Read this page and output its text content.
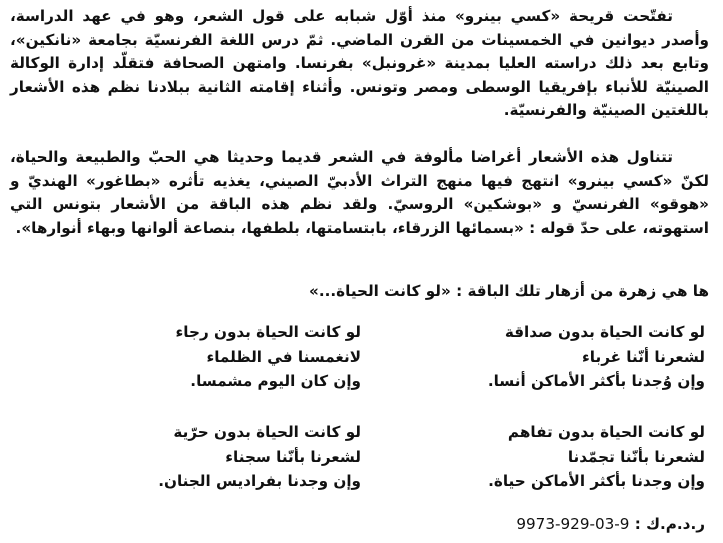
تفتّحت قريحة «كسي بينرو» منذ أوّل شبابه على قول الشعر، وهو في عهد الدراسة، وأصدر ديوانين في الخمسينات من القرن الماضي. ثمّ درس اللغة الفرنسيّة بجامعة «نانكين»، وتابع بعد ذلك دراسته العليا بمدينة «غرونبل» بفرنسا. وامتهن الصحافة فتقلّد إدارة الوكالة الصينيّة للأنباء بإفريقيا الوسطى ومصر وتونس. وأثناء إقامته الثانية ببلادنا نظم هذه الأشعار باللغتين الصينيّة والفرنسيّة.

تتناول هذه الأشعار أغراضا مألوفة في الشعر قديما وحديثا هي الحبّ والطبيعة والحياة، لكنّ «كسي بينرو» انتهج فيها منهج التراث الأدبيّ الصيني، يغذيه تأثره «بطاغور» الهنديّ و «هوقو» الفرنسيّ و «بوشكين» الروسيّ. ولقد نظم هذه الباقة من الأشعار بتونس التي استهوته، على حدّ قوله : «بسمائها الزرقاء، بابتسامتها، بلطفها، بنصاعة ألوانها وبهاء أنوارها».

ها هي زهرة من أزهار تلك الباقة : «لو كانت الحياة...»

لو كانت الحياة بدون صداقة
لشعرنا أنّنا غرباء
وإن وُجدنا بأكثر الأماكن أنسا.
لو كانت الحياة بدون رجاء
لانغمسنا في الظلماء
وإن كان اليوم مشمسا.
لو كانت الحياة بدون تفاهم
لشعرنا بأنّنا تجمّدنا
وإن وجدنا بأكثر الأماكن حياة.
لو كانت الحياة بدون حرّية
لشعرنا بأنّنا سجناء
وإن وجدنا بفراديس الجنان.

ر.د.م.ك : 9973-929-03-9
